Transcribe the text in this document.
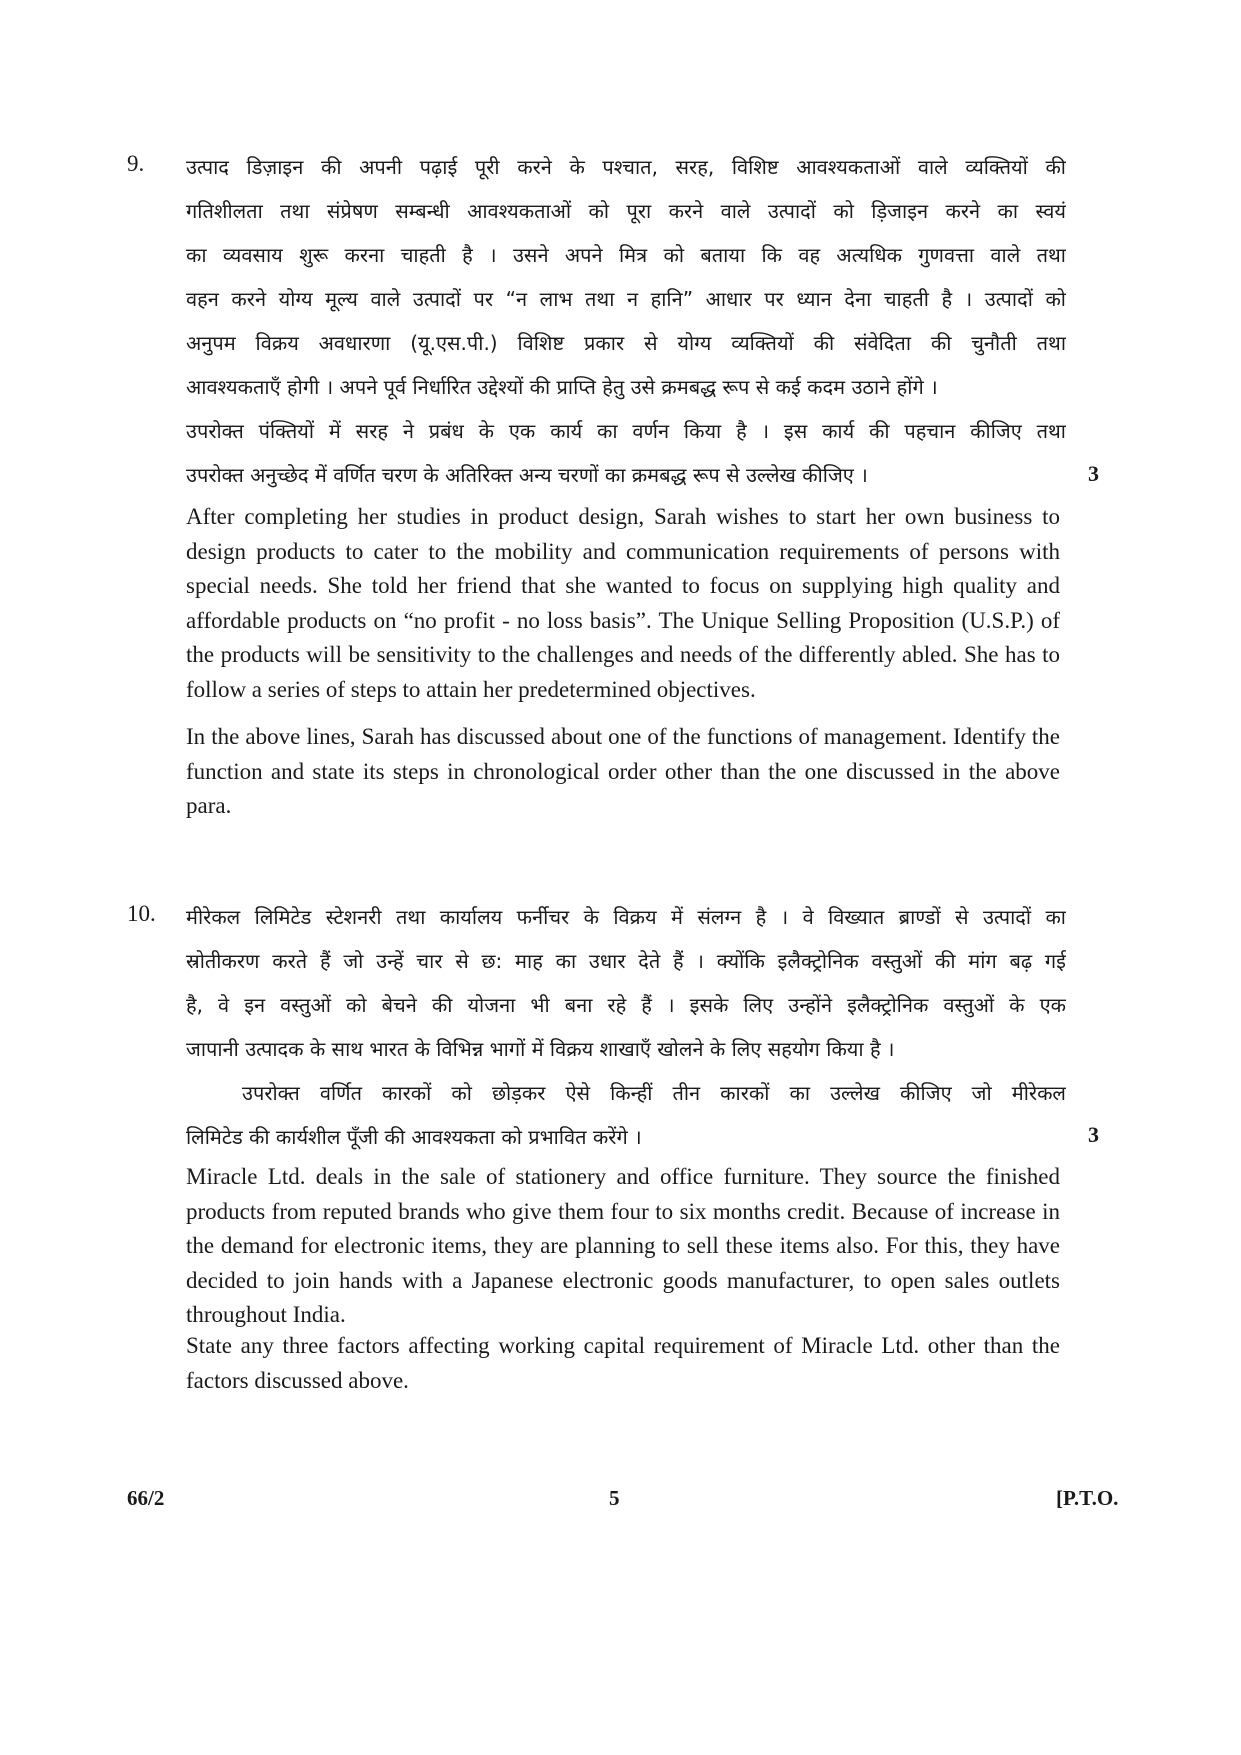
9. उत्पाद डिज़ाइन की अपनी पढ़ाई पूरी करने के पश्चात, सरह, विशिष्ट आवश्यकताओं वाले व्यक्तियों की
गतिशीलता तथा संप्रेषण सम्बन्धी आवश्यकताओं को पूरा करने वाले उत्पादों को ड़िजाइन करने का स्वयं
का व्यवसाय शुरू करना चाहती है । उसने अपने मित्र को बताया कि वह अत्यधिक गुणवत्ता वाले तथा
वहन करने योग्य मूल्य वाले उत्पादों पर “न लाभ तथा न हानि” आधार पर ध्यान देना चाहती है । उत्पादों को
अनुपम विक्रय अवधारणा (यू.एस.पी.) विशिष्ट प्रकार से योग्य व्यक्तियों की संवेदिता की चुनौती तथा
आवश्यकताएँ होगी । अपने पूर्व निर्धारित उद्देश्यों की प्राप्ति हेतु उसे क्रमबद्ध रूप से कई कदम उठाने होंगे ।
उपरोक्त पंक्तियों में सरह ने प्रबंध के एक कार्य का वर्णन किया है । इस कार्य की पहचान कीजिए तथा
उपरोक्त अनुच्छेद में वर्णित चरण के अतिरिक्त अन्य चरणों का क्रमबद्ध रूप से उल्लेख कीजिए ।	3

After completing her studies in product design, Sarah wishes to start her own business to design products to cater to the mobility and communication requirements of persons with special needs. She told her friend that she wanted to focus on supplying high quality and affordable products on “no profit - no loss basis”. The Unique Selling Proposition (U.S.P.) of the products will be sensitivity to the challenges and needs of the differently abled. She has to follow a series of steps to attain her predetermined objectives.

In the above lines, Sarah has discussed about one of the functions of management. Identify the function and state its steps in chronological order other than the one discussed in the above para.

10. मीरेकल लिमिटेड स्टेशनरी तथा कार्यालय फर्नीचर के विक्रय में संलग्न है । वे विख्यात ब्राण्डों से उत्पादों का
स्रोतीकरण करते हैं जो उन्हें चार से छ: माह का उधार देते हैं । क्योंकि इलैक्ट्रोनिक वस्तुओं की मांग बढ़ गई
है, वे इन वस्तुओं को बेचने की योजना भी बना रहे हैं । इसके लिए उन्होंने इलैक्ट्रोनिक वस्तुओं के एक
जापानी उत्पादक के साथ भारत के विभिन्न भागों में विक्रय शाखाएँ खोलने के लिए सहयोग किया है ।
उपरोक्त वर्णित कारकों को छोड़कर ऐसे किन्हीं तीन कारकों का उल्लेख कीजिए जो मीरेकल
लिमिटेड की कार्यशील पूँजी की आवश्यकता को प्रभावित करेंगे ।	3

Miracle Ltd. deals in the sale of stationery and office furniture. They source the finished products from reputed brands who give them four to six months credit. Because of increase in the demand for electronic items, they are planning to sell these items also. For this, they have decided to join hands with a Japanese electronic goods manufacturer, to open sales outlets throughout India.

State any three factors affecting working capital requirement of Miracle Ltd. other than the factors discussed above.

66/2	5	[P.T.O.
